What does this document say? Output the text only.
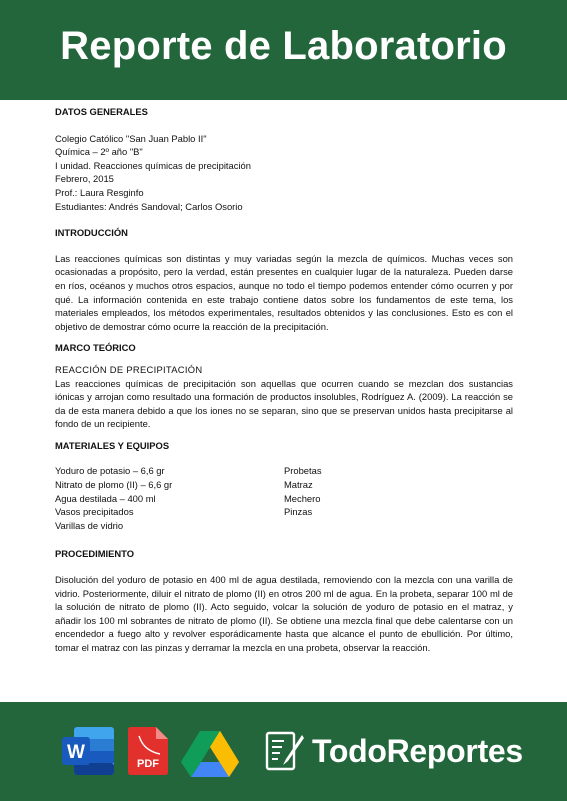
Reporte de Laboratorio
DATOS GENERALES
Colegio Católico "San Juan Pablo II"
Química – 2º año "B"
I unidad. Reacciones químicas de precipitación
Febrero, 2015
Prof.: Laura Resginfo
Estudiantes: Andrés Sandoval; Carlos Osorio
INTRODUCCIÓN

Las reacciones químicas son distintas y muy variadas según la mezcla de químicos. Muchas veces son ocasionadas a propósito, pero la verdad, están presentes en cualquier lugar de la naturaleza. Pueden darse en ríos, océanos y muchos otros espacios, aunque no todo el tiempo podemos entender cómo ocurren y por qué. La información contenida en este trabajo contiene datos sobre los fundamentos de este tema, los materiales empleados, los métodos experimentales, resultados obtenidos y las conclusiones. Esto es con el objetivo de demostrar cómo ocurre la reacción de la precipitación.

MARCO TEÓRICO
REACCIÓN DE PRECIPITACIÓN

Las reacciones químicas de precipitación son aquellas que ocurren cuando se mezclan dos sustancias iónicas y arrojan como resultado una formación de productos insolubles, Rodríguez A. (2009). La reacción se da de esta manera debido a que los iones no se separan, sino que se preservan unidos hasta precipitarse al fondo de un recipiente.

MATERIALES Y EQUIPOS
Yoduro de potasio – 6,6 gr
Nitrato de plomo (II) – 6,6 gr
Agua destilada – 400 ml
Vasos precipitados
Varillas de vidrio
Probetas
Matraz
Mechero
Pinzas
PROCEDIMIENTO

Disolución del yoduro de potasio en 400 ml de agua destilada, removiendo con la mezcla con una varilla de vidrio. Posteriormente, diluir el nitrato de plomo (II) en otros 200 ml de agua. En la probeta, separar 100 ml de la solución de nitrato de plomo (II). Acto seguido, volcar la solución de yoduro de potasio en el matraz, y añadir los 100 ml sobrantes de nitrato de plomo (II). Se obtiene una mezcla final que debe calentarse con un encendedor a fuego alto y revolver esporádicamente hasta que alcance el punto de ebullición. Por último, tomar el matraz con las pinzas y derramar la mezcla en una probeta, observar la reacción.

W
PDF	TodoReportes
